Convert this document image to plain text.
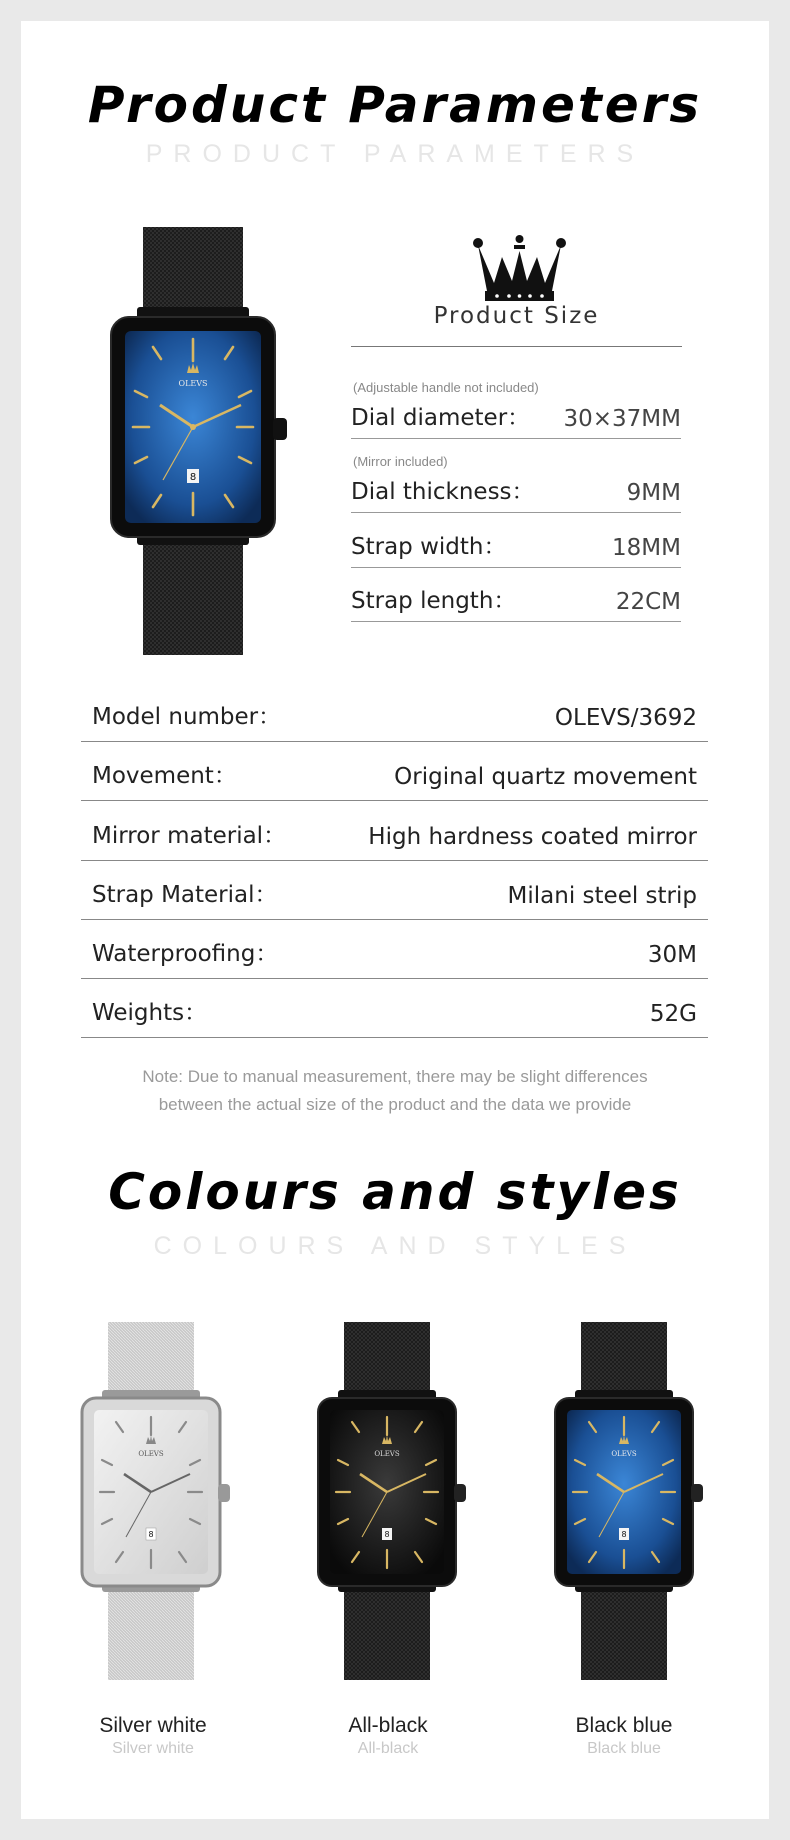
Product Parameters
PRODUCT PARAMETERS
OLEVS
8
Product Size
(Adjustable handle not included)
Dial diameter： 30×37MM
(Mirror included)
Dial thickness：	9MM
Strap width：	18MM
Strap length：	22CM
Model number：	OLEVS/3692
Movement：	Original quartz movement
Mirror material：	High hardness coated mirror
Strap Material：	Milani steel strip
Waterproofing：	30M
Weights：	52G
Note: Due to manual measurement, there may be slight differences
between the actual size of the product and the data we provide
Colours and styles
COLOURS AND STYLES
OLEVS
8
OLEVS
8
OLEVS
8
Silver white
Silver white
All-black
All-black
Black blue
Black blue
